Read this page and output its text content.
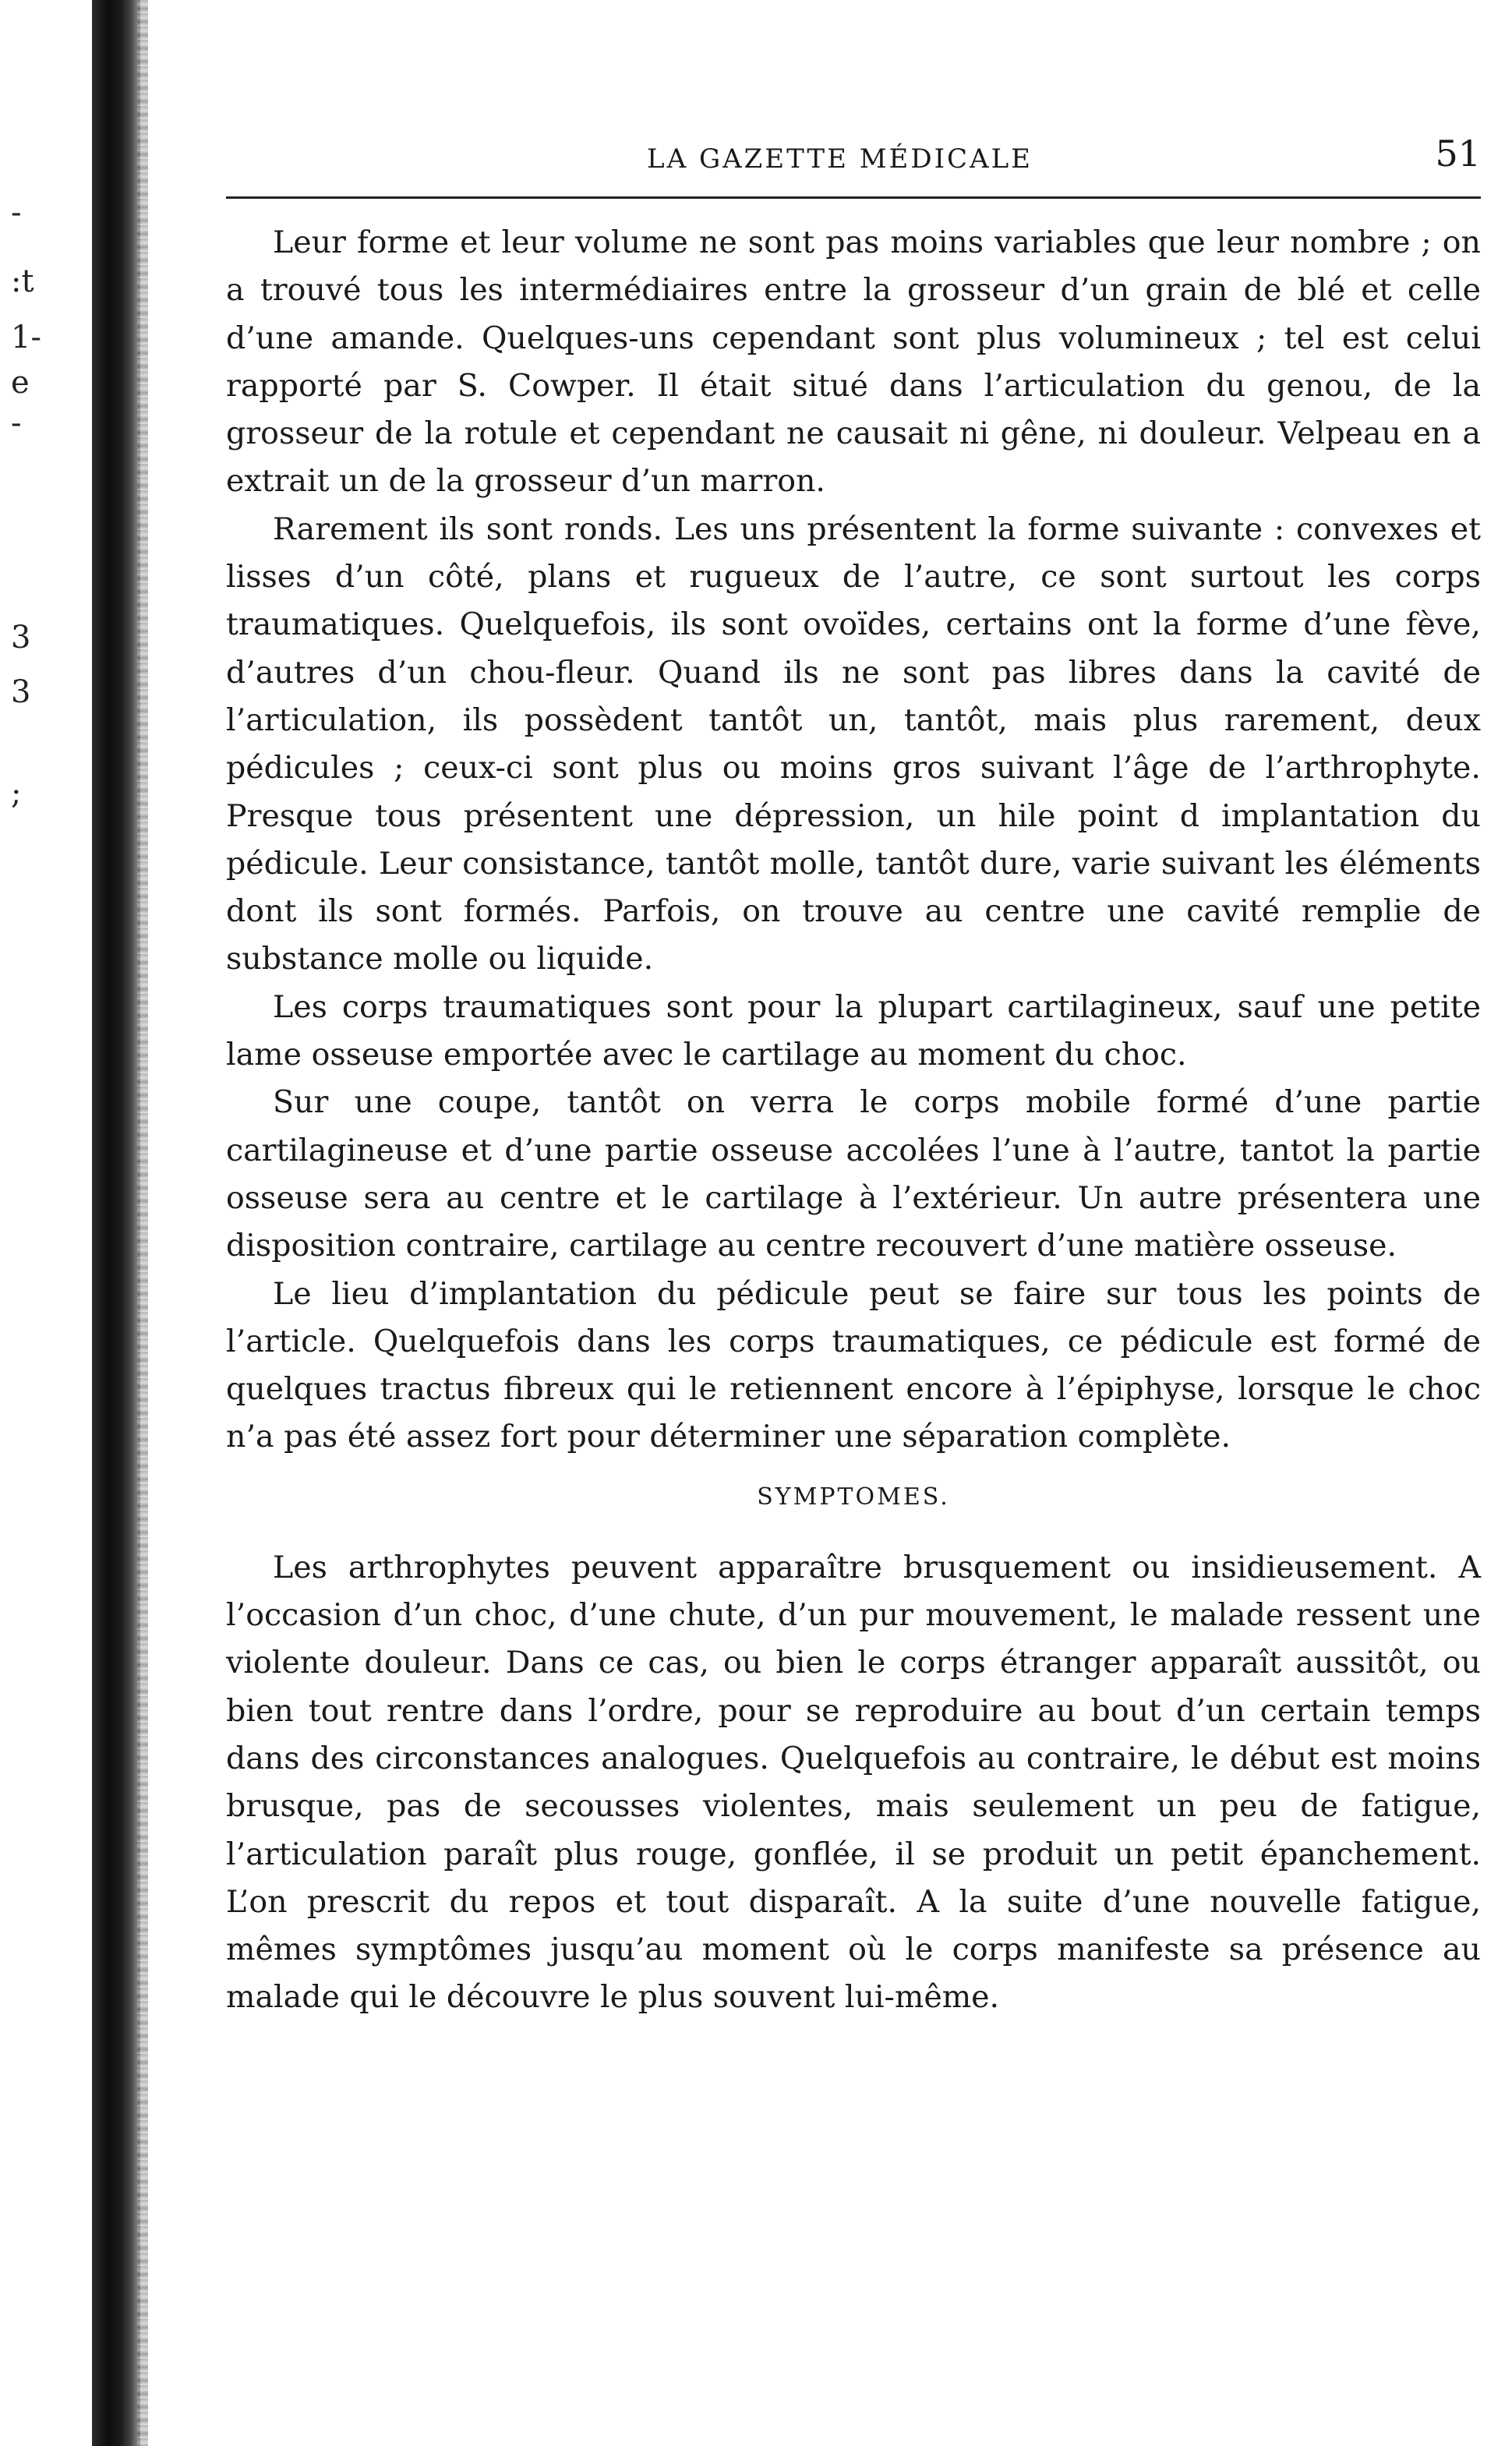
:t
1-
e
-
-
3
3
;
LA GAZETTE MÉDICALE	51

Leur forme et leur volume ne sont pas moins variables que leur nombre ; on a trouvé tous les intermédiaires entre la grosseur d’un grain de blé et celle d’une amande. Quelques-uns cependant sont plus volumineux ; tel est celui rapporté par S. Cowper. Il était situé dans l’articulation du genou, de la grosseur de la rotule et cependant ne causait ni gêne, ni douleur. Velpeau en a extrait un de la grosseur d’un marron.

Rarement ils sont ronds. Les uns présentent la forme suivante : convexes et lisses d’un côté, plans et rugueux de l’autre, ce sont surtout les corps traumatiques. Quelquefois, ils sont ovoïdes, certains ont la forme d’une fève, d’autres d’un chou-fleur. Quand ils ne sont pas libres dans la cavité de l’articulation, ils possèdent tantôt un, tantôt, mais plus rarement, deux pédicules ; ceux-ci sont plus ou moins gros suivant l’âge de l’arthrophyte. Presque tous présentent une dépression, un hile point d implantation du pédicule. Leur consistance, tantôt molle, tantôt dure, varie suivant les éléments dont ils sont formés. Parfois, on trouve au centre une cavité remplie de substance molle ou liquide.

Les corps traumatiques sont pour la plupart cartilagineux, sauf une petite lame osseuse emportée avec le cartilage au moment du choc.

Sur une coupe, tantôt on verra le corps mobile formé d’une partie cartilagineuse et d’une partie osseuse accolées l’une à l’autre, tantot la partie osseuse sera au centre et le cartilage à l’extérieur. Un autre présentera une disposition contraire, cartilage au centre recouvert d’une matière osseuse.

Le lieu d’implantation du pédicule peut se faire sur tous les points de l’article. Quelquefois dans les corps traumatiques, ce pédicule est formé de quelques tractus fibreux qui le retiennent encore à l’épiphyse, lorsque le choc n’a pas été assez fort pour déterminer une séparation complète.

SYMPTOMES.

Les arthrophytes peuvent apparaître brusquement ou insidieusement. A l’occasion d’un choc, d’une chute, d’un pur mouvement, le malade ressent une violente douleur. Dans ce cas, ou bien le corps étranger apparaît aussitôt, ou bien tout rentre dans l’ordre, pour se reproduire au bout d’un certain temps dans des circonstances analogues. Quelquefois au contraire, le début est moins brusque, pas de secousses violentes, mais seulement un peu de fatigue, l’articulation paraît plus rouge, gonflée, il se produit un petit épanchement. L’on prescrit du repos et tout disparaît. A la suite d’une nouvelle fatigue, mêmes symptômes jusqu’au moment où le corps manifeste sa présence au malade qui le découvre le plus souvent lui-même.
